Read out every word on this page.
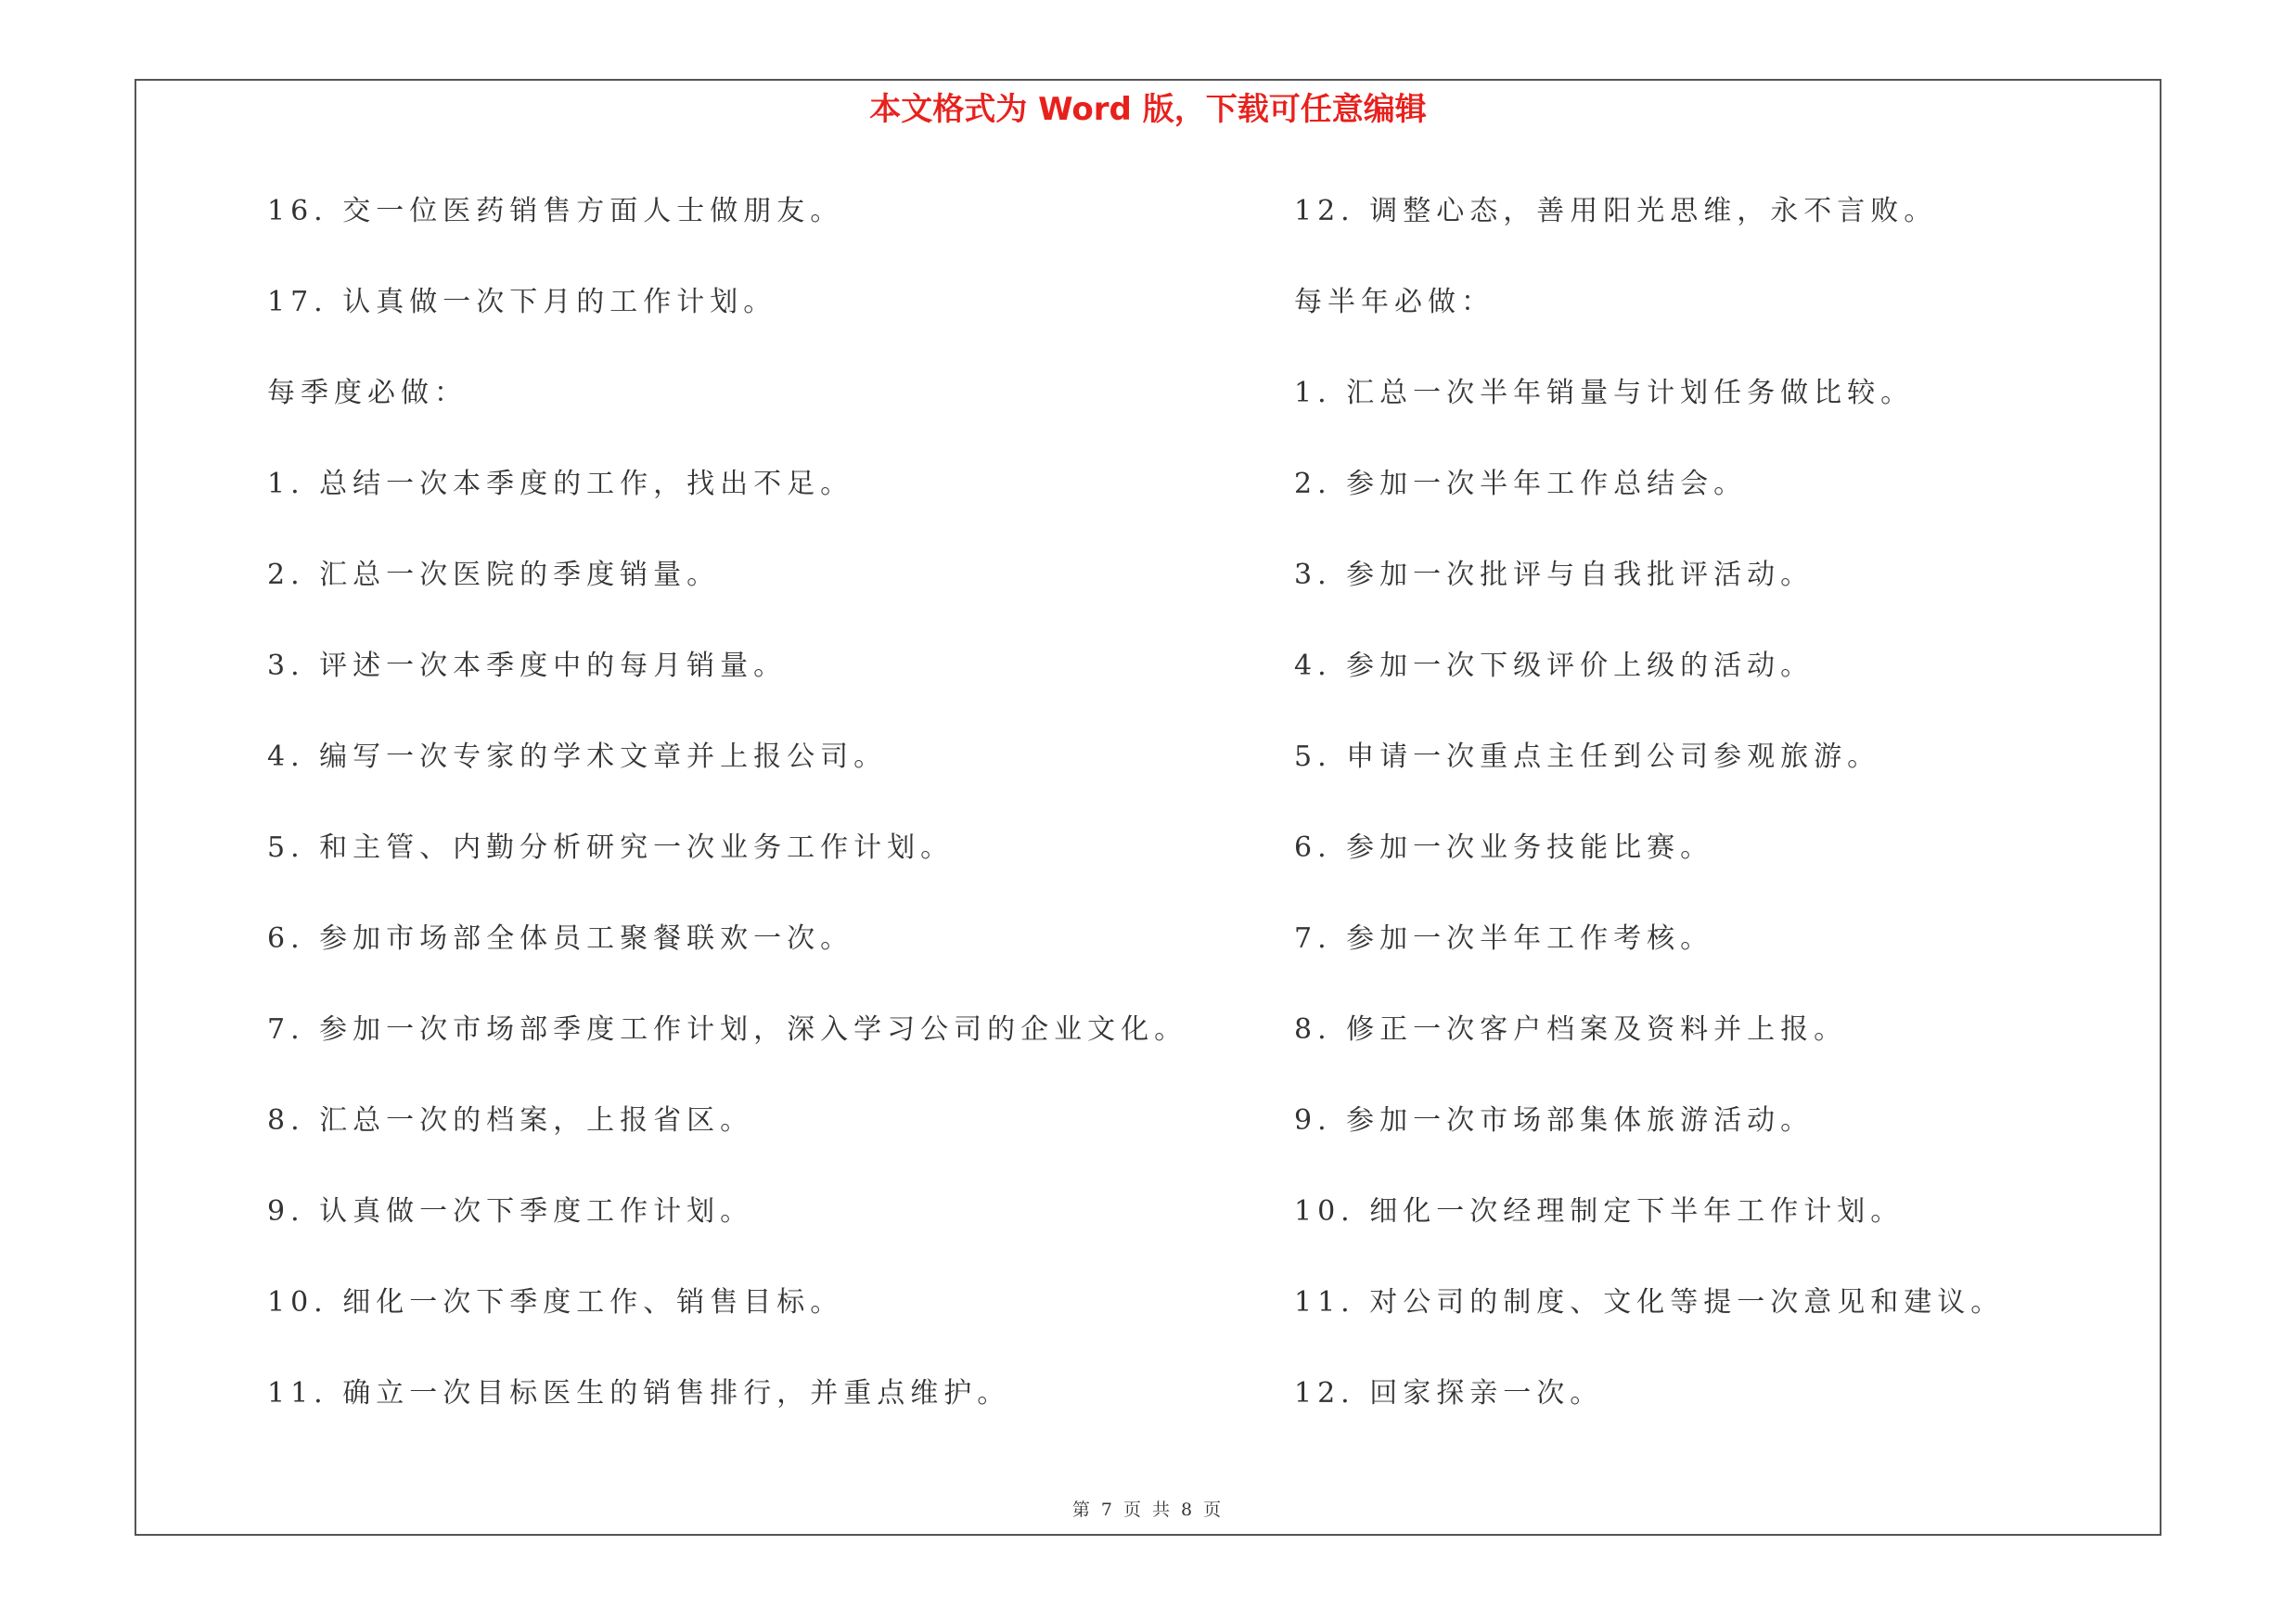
本文格式为 Word 版，下载可任意编辑
16. 交一位医药销售方面人士做朋友。
17. 认真做一次下月的工作计划。
每季度必做：
1. 总结一次本季度的工作，找出不足。
2. 汇总一次医院的季度销量。
3. 评述一次本季度中的每月销量。
4. 编写一次专家的学术文章并上报公司。
5. 和主管、内勤分析研究一次业务工作计划。
6. 参加市场部全体员工聚餐联欢一次。
7. 参加一次市场部季度工作计划，深入学习公司的企业文化。
8. 汇总一次的档案，上报省区。
9. 认真做一次下季度工作计划。
10. 细化一次下季度工作、销售目标。
11. 确立一次目标医生的销售排行，并重点维护。
12. 调整心态，善用阳光思维，永不言败。
每半年必做：
1. 汇总一次半年销量与计划任务做比较。
2. 参加一次半年工作总结会。
3. 参加一次批评与自我批评活动。
4. 参加一次下级评价上级的活动。
5. 申请一次重点主任到公司参观旅游。
6. 参加一次业务技能比赛。
7. 参加一次半年工作考核。
8. 修正一次客户档案及资料并上报。
9. 参加一次市场部集体旅游活动。
10. 细化一次经理制定下半年工作计划。
11. 对公司的制度、文化等提一次意见和建议。
12. 回家探亲一次。
第 7 页 共 8 页
